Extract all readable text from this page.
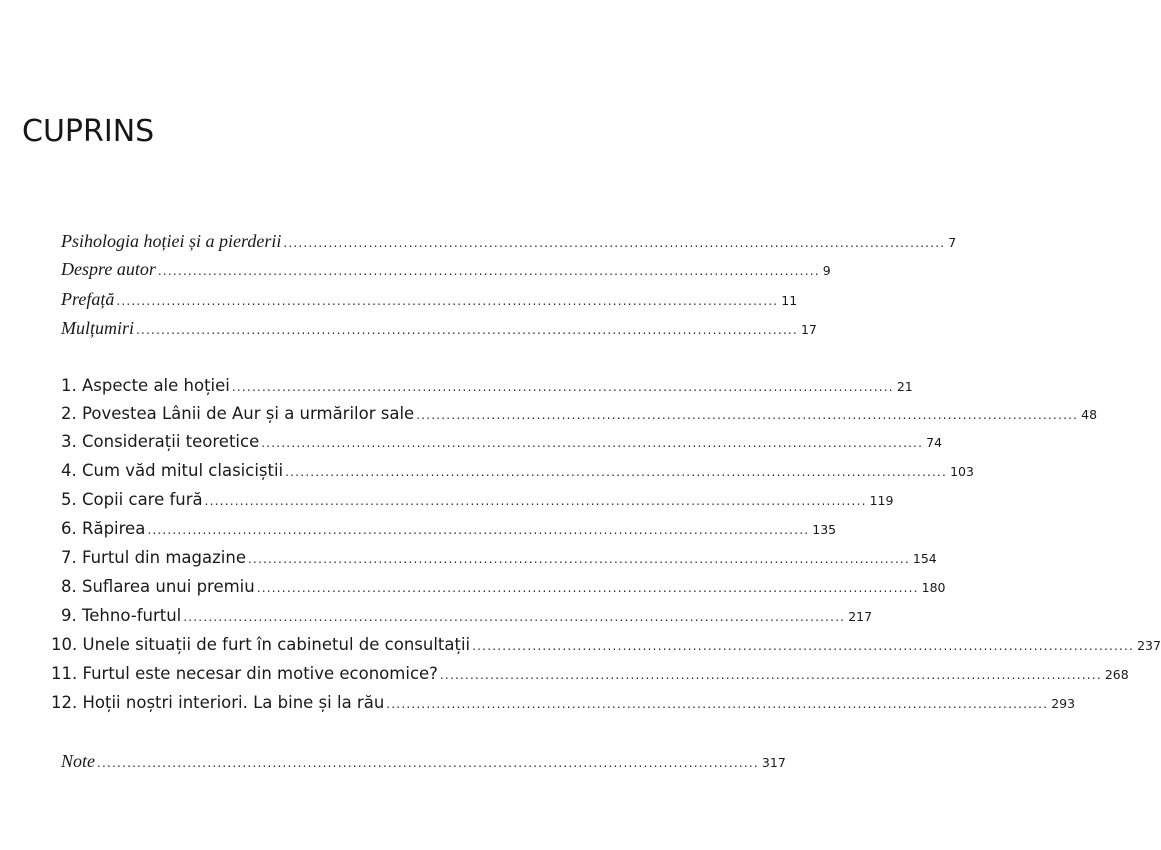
CUPRINS
Psihologia hoției și a pierderii .................................................................................................................................... 7
Despre autor .................................................................................................................................... 9
Prefață .................................................................................................................................... 11
Mulțumiri .................................................................................................................................... 17
1. Aspecte ale hoției .................................................................................................................................... 21
2. Povestea Lânii de Aur și a urmărilor sale .................................................................................................................................... 48
3. Considerații teoretice .................................................................................................................................... 74
4. Cum văd mitul clasiciștii .................................................................................................................................... 103
5. Copii care fură .................................................................................................................................... 119
6. Răpirea .................................................................................................................................... 135
7. Furtul din magazine .................................................................................................................................... 154
8. Suflarea unui premiu .................................................................................................................................... 180
9. Tehno-furtul .................................................................................................................................... 217
10. Unele situații de furt în cabinetul de consultații .................................................................................................................................... 237
11. Furtul este necesar din motive economice? .................................................................................................................................... 268
12. Hoții noștri interiori. La bine și la rău .................................................................................................................................... 293
Note .................................................................................................................................... 317
